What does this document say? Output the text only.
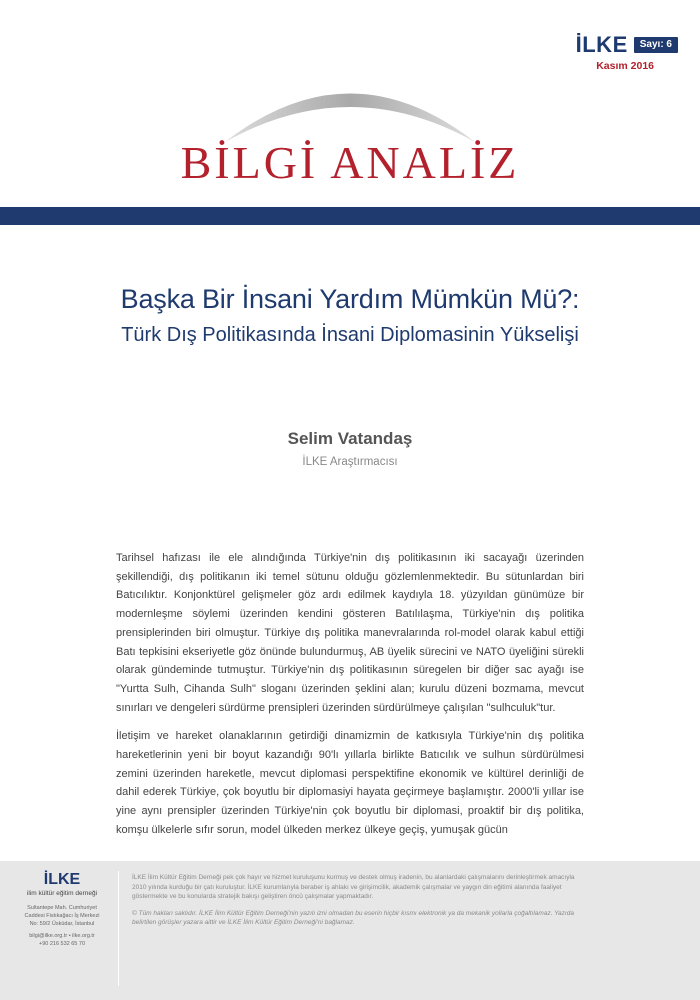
İLKE	Sayı: 6
Kasım 2016
BİLGİ ANALİZ
Başka Bir İnsani Yardım Mümkün Mü?:
Türk Dış Politikasında İnsani Diplomasinin Yükselişi
Selim Vatandaş
İLKE Araştırmacısı

Tarihsel hafızası ile ele alındığında Türkiye'nin dış politikasının iki sacayağı üzerinden şekillendiği, dış politikanın iki temel sütunu olduğu gözlemlenmektedir. Bu sütunlardan biri Batıcılıktır. Konjonktürel gelişmeler göz ardı edilmek kaydıyla 18. yüzyıldan günümüze bir modernleşme söylemi üzerinden kendini gösteren Batılılaşma, Türkiye'nin dış politika prensiplerinden biri olmuştur. Türkiye dış politika manevralarında rol-model olarak kabul ettiği Batı tepkisini ekseriyetle göz önünde bulundurmuş, AB üyelik sürecini ve NATO üyeliğini sürekli olarak gündeminde tutmuştur. Türkiye'nin dış politikasının süregelen bir diğer sac ayağı ise "Yurtta Sulh, Cihanda Sulh" sloganı üzerinden şeklini alan; kurulu düzeni bozmama, mevcut sınırları ve dengeleri sürdürme prensipleri üzerinden sürdürülmeye çalışılan "sulhculuk"tur.

İletişim ve hareket olanaklarının getirdiği dinamizmin de katkısıyla Türkiye'nin dış politika hareketlerinin yeni bir boyut kazandığı 90'lı yıllarla birlikte Batıcılık ve sulhun sürdürülmesi zemini üzerinden hareketle, mevcut diplomasi perspektifine ekonomik ve kültürel derinliği de dahil ederek Türkiye, çok boyutlu bir diplomasiyi hayata geçirmeye başlamıştır. 2000'li yıllar ise yine aynı prensipler üzerinden Türkiye'nin çok boyutlu bir diplomasi, proaktif bir dış politika, komşu ülkelerle sıfır sorun, model ülkeden merkez ülkeye geçiş, yumuşak gücün

İLKE
ilim kültür eğitim derneği
Sultantepe Mah. Cumhuriyet
Caddesi Fistıkağacı İş Merkezi
No: 59/2 Üsküdar, İstanbul
bilgi@ilke.org.tr • ilke.org.tr
+90 216 532 65 70

İLKE İlim Kültür Eğitim Derneği pek çok hayır ve hizmet kuruluşunu kurmuş ve destek olmuş iradenin, bu alanlardaki çalışmalarını derinleştirmek amacıyla 2010 yılında kurduğu bir çatı kuruluştur. İLKE kurumlarıyla beraber iş ahlakı ve girişimcilik, akademik çalışmalar ve yaygın din eğitimi alanında faaliyet göstermekte ve bu konularda stratejik bakışı geliştiren öncü çalışmalar yapmaktadır.

© Tüm hakları saklıdır. İLKE İlim Kültür Eğitim Derneği'nin yazılı izni olmadan bu eserin hiçbir kısmı elektronik ya da mekanik yollarla çoğaltılamaz. Yazıda belirtilen görüşler yazara aittir ve İLKE İlim Kültür Eğitim Derneği'ni bağlamaz.
